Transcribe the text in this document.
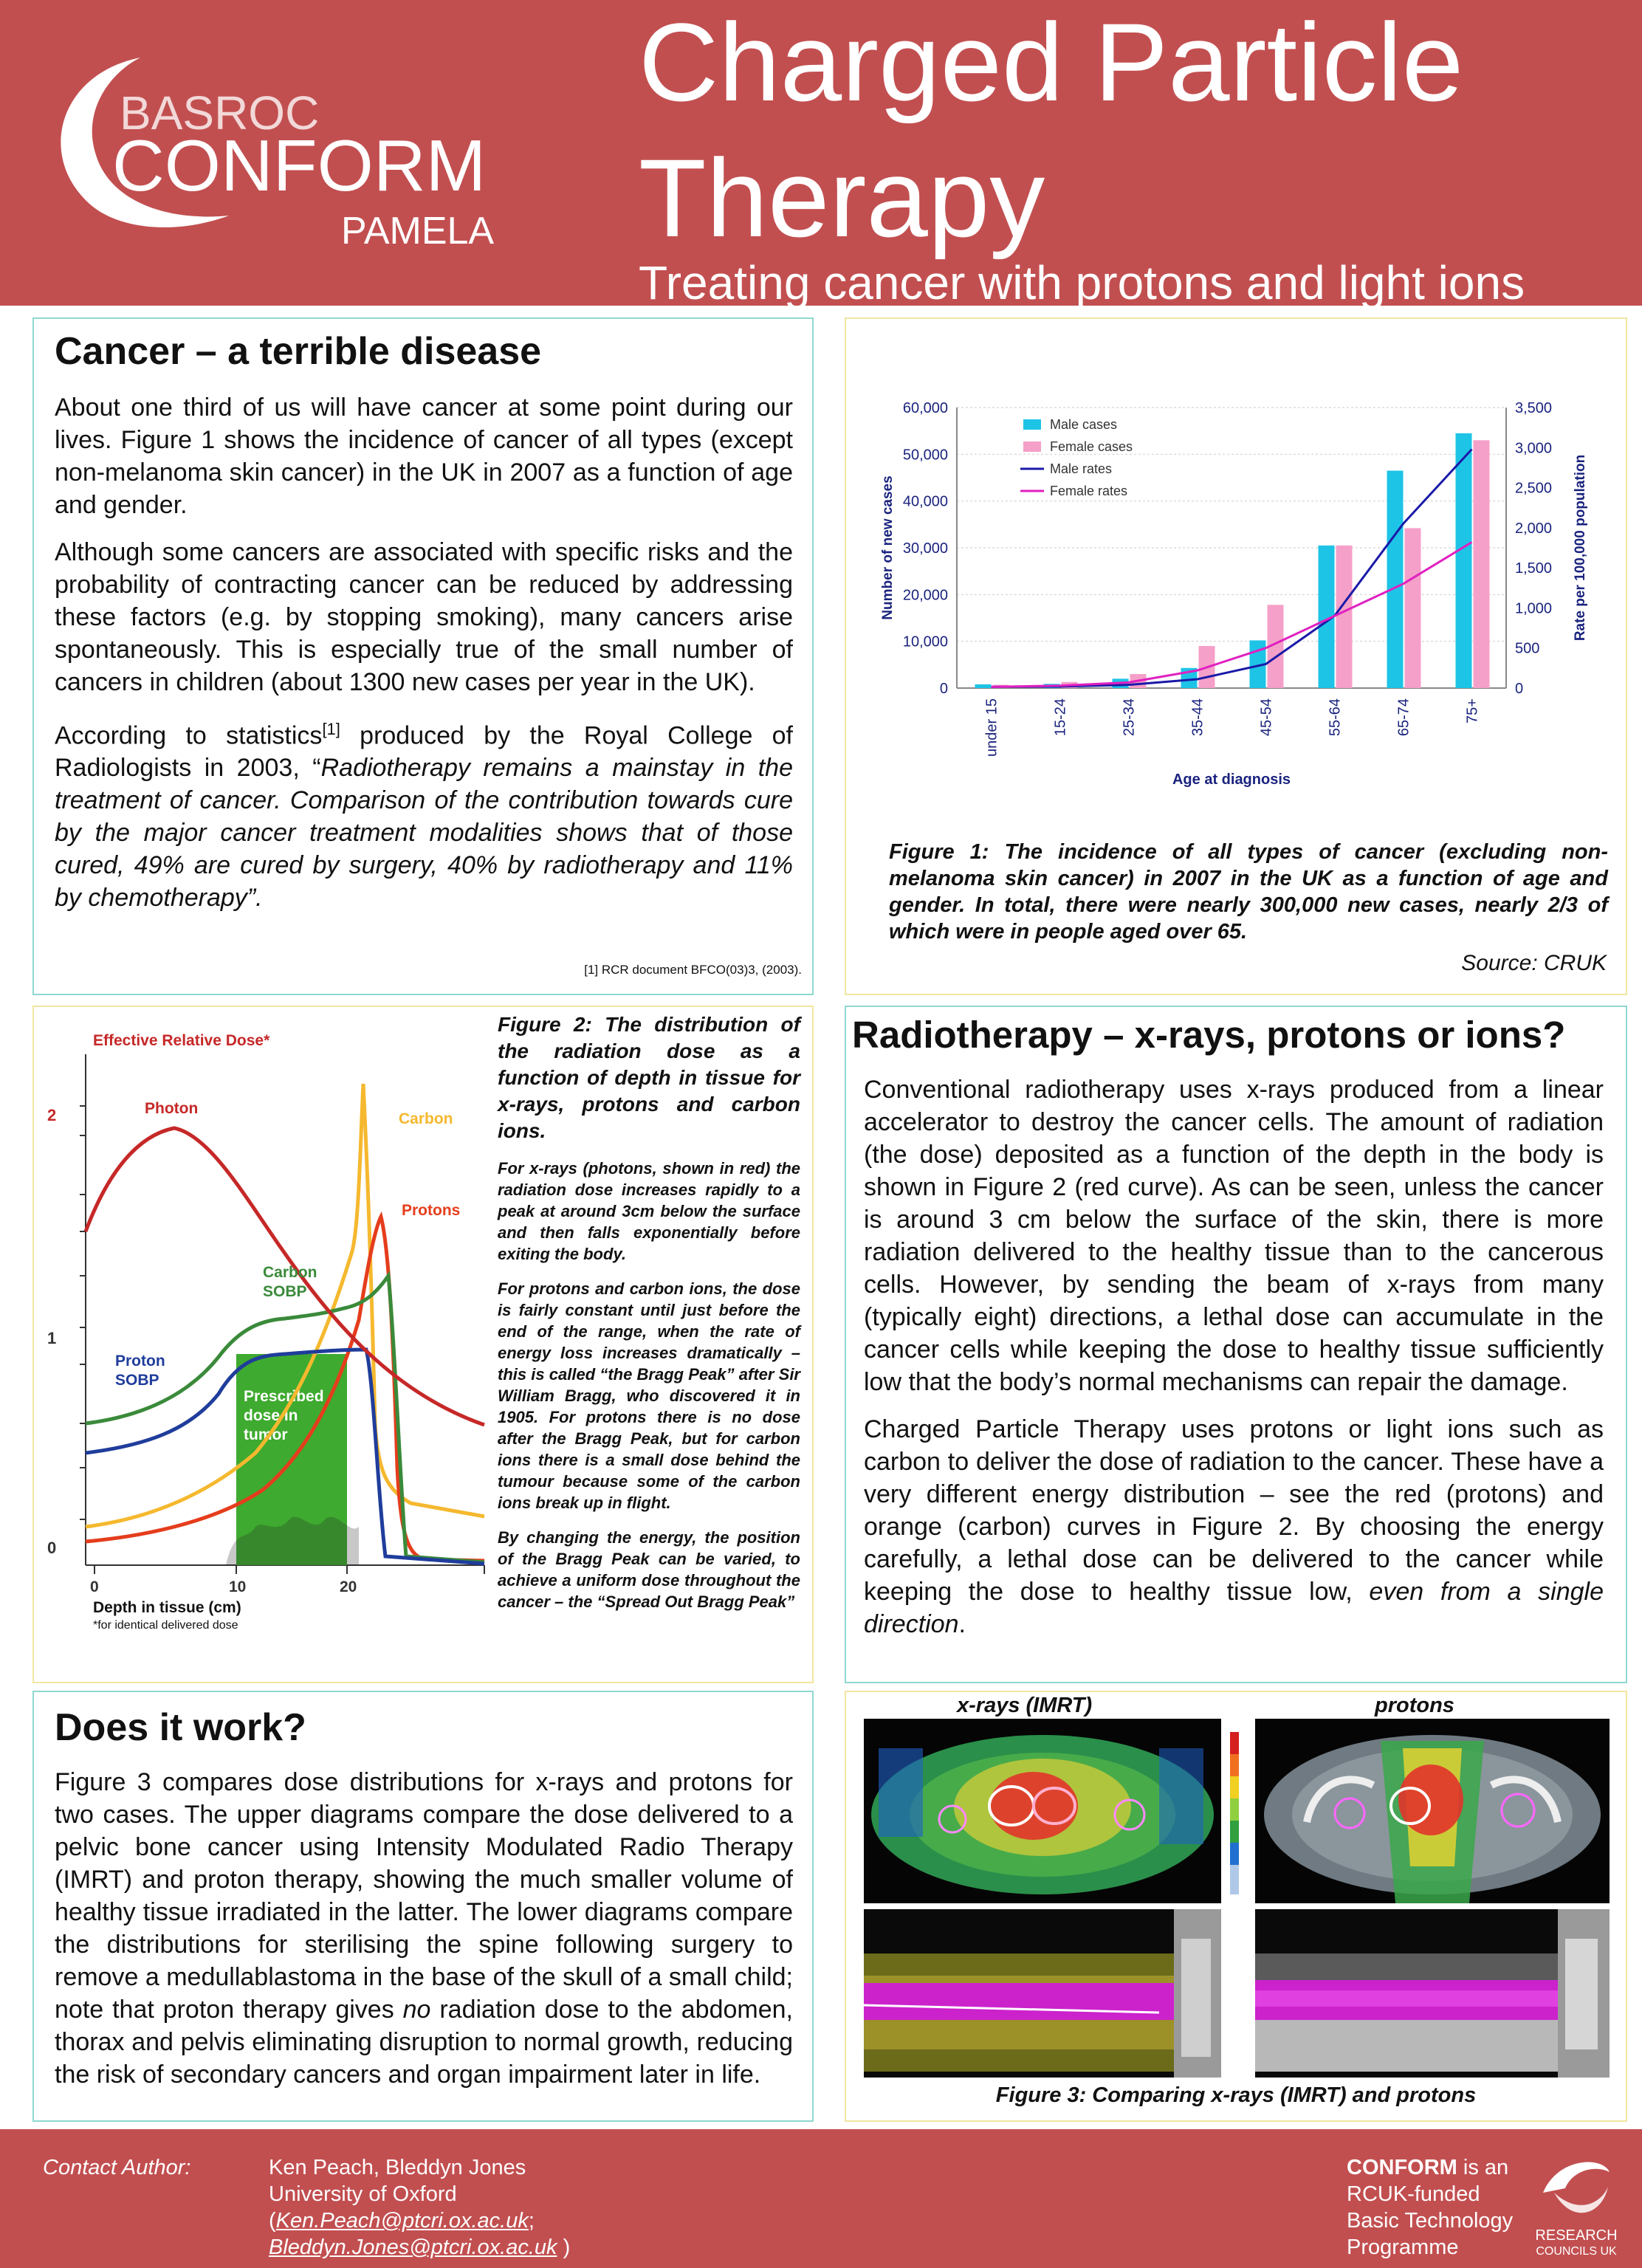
BASROC
CONFORM
PAMELA
Charged Particle
Therapy
Treating cancer with protons and light ions
Cancer – a terrible disease

About one third of us will have cancer at some point during our lives. Figure 1 shows the incidence of cancer of all types (except non-melanoma skin cancer) in the UK in 2007 as a function of age and gender.

Although some cancers are associated with specific risks and the probability of contracting cancer can be reduced by addressing these factors (e.g. by stopping smoking), many cancers arise spontaneously. This is especially true of the small number of cancers in children (about 1300 new cases per year in the UK).

According to statistics[1] produced by the Royal College of Radiologists in 2003, “Radiotherapy remains a mainstay in the treatment of cancer. Comparison of the contribution towards cure by the major cancer treatment modalities shows that of those cured, 49% are cured by surgery, 40% by radiotherapy and 11% by chemotherapy”.

[1] RCR document BFCO(03)3, (2003).
0
10,000
20,000
30,000
40,000
50,000
60,000
0
500
1,000
1,500
2,000
2,500
3,000
3,500
under 15	15-24	25-34	35-44	45-54	55-64	65-74	75+
Number of new cases	Rate per 100,000 population
Age at diagnosis
Male cases
Female cases
Male rates
Female rates
Figure 1: The incidence of all types of cancer (excluding non-melanoma skin cancer) in 2007 in the UK as a function of age and gender. In total, there were nearly 300,000 new cases, nearly 2/3 of which were in people aged over 65.
Source: CRUK
Effective Relative Dose*
2
1
0
Prescribed
dose in
tumor
Photon
Carbon
Protons
Carbon
SOBP
Proton
SOBP
0	10	20
Depth in tissue (cm)
*for identical delivered dose
Figure 2: The distribution of the radiation dose as a function of depth in tissue for x-rays, protons and carbon ions.

For x-rays (photons, shown in red) the radiation dose increases rapidly to a peak at around 3cm below the surface and then falls exponentially before exiting the body.

For protons and carbon ions, the dose is fairly constant until just before the end of the range, when the rate of energy loss increases dramatically – this is called “the Bragg Peak” after Sir William Bragg, who discovered it in 1905. For protons there is no dose after the Bragg Peak, but for carbon ions there is a small dose behind the tumour because some of the carbon ions break up in flight.

By changing the energy, the position of the Bragg Peak can be varied, to achieve a uniform dose throughout the cancer – the “Spread Out Bragg Peak”

Radiotherapy – x-rays, protons or ions?

Conventional radiotherapy uses x-rays produced from a linear accelerator to destroy the cancer cells. The amount of radiation (the dose) deposited as a function of the depth in the body is shown in Figure 2 (red curve). As can be seen, unless the cancer is around 3 cm below the surface of the skin, there is more radiation delivered to the healthy tissue than to the cancerous cells. However, by sending the beam of x-rays from many (typically eight) directions, a lethal dose can accumulate in the cancer cells while keeping the dose to healthy tissue sufficiently low that the body’s normal mechanisms can repair the damage.

Charged Particle Therapy uses protons or light ions such as carbon to deliver the dose of radiation to the cancer. These have a very different energy distribution – see the red (protons) and orange (carbon) curves in Figure 2. By choosing the energy carefully, a lethal dose can be delivered to the cancer while keeping the dose to healthy tissue low, even from a single direction.

Does it work?

Figure 3 compares dose distributions for x-rays and protons for two cases. The upper diagrams compare the dose delivered to a pelvic bone cancer using Intensity Modulated Radio Therapy (IMRT) and proton therapy, showing the much smaller volume of healthy tissue irradiated in the latter. The lower diagrams compare the distributions for sterilising the spine following surgery to remove a medullablastoma in the base of the skull of a small child; note that proton therapy gives no radiation dose to the abdomen, thorax and pelvis eliminating disruption to normal growth, reducing the risk of secondary cancers and organ impairment later in life.

x-rays (IMRT)	protons
Figure 3: Comparing x-rays (IMRT) and protons
Contact Author:	Ken Peach, Bleddyn Jones
University of Oxford
(Ken.Peach@ptcri.ox.ac.uk;
Bleddyn.Jones@ptcri.ox.ac.uk )
CONFORM is an
RCUK-funded
Basic Technology
Programme	RESEARCH
COUNCILS UK
